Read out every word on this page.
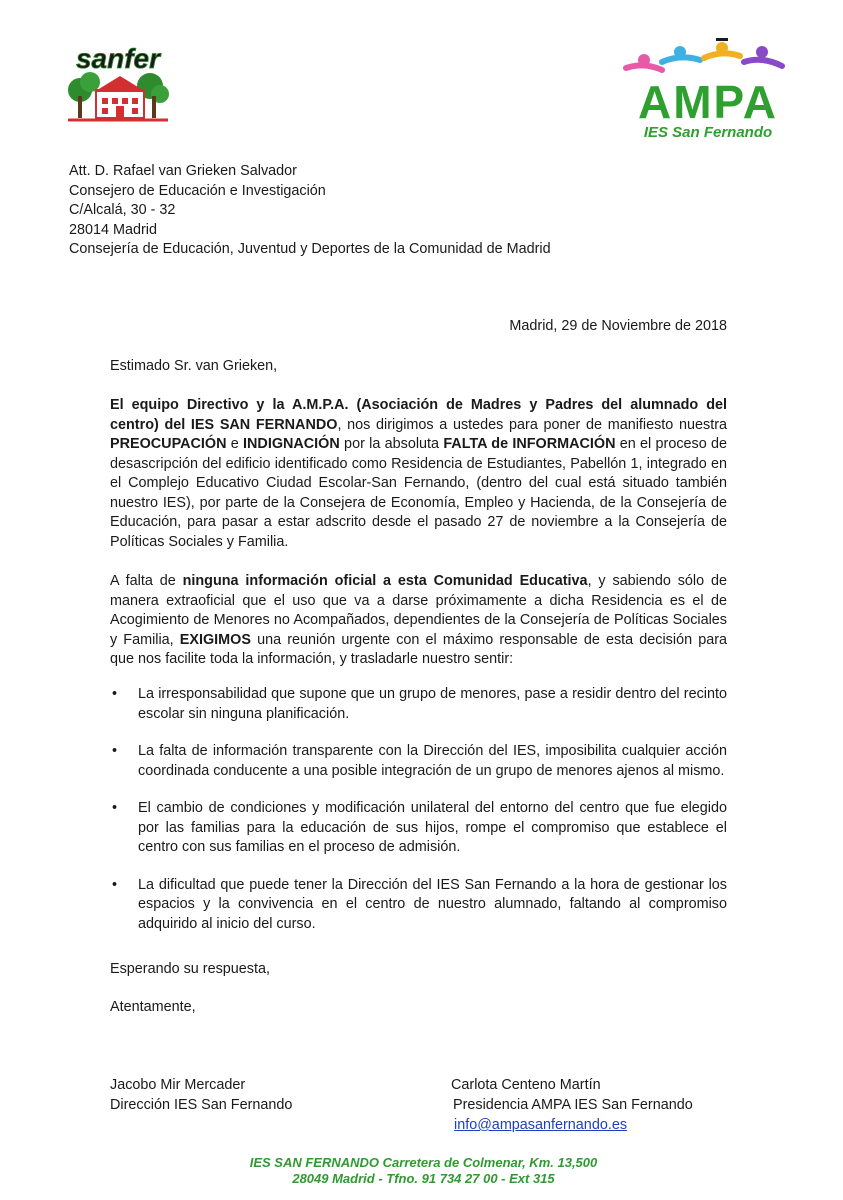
sanfer
AMPA
IES San Fernando
Att. D. Rafael van Grieken Salvador
Consejero de Educación e Investigación
C/Alcalá, 30 - 32
28014 Madrid
Consejería de Educación, Juventud y Deportes de la Comunidad de Madrid
Madrid, 29 de Noviembre de 2018
Estimado Sr. van Grieken,
El equipo Directivo y la A.M.P.A. (Asociación de Madres y Padres del alumnado del centro) del IES SAN FERNANDO, nos dirigimos a ustedes para poner de manifiesto nuestra PREOCUPACIÓN e INDIGNACIÓN por la absoluta FALTA de INFORMACIÓN en el proceso de desascripción del edificio identificado como Residencia de Estudiantes, Pabellón 1, integrado en el Complejo Educativo Ciudad Escolar-San Fernando, (dentro del cual está situado también nuestro IES), por parte de la Consejera de Economía, Empleo y Hacienda, de la Consejería de Educación, para pasar a estar adscrito desde el pasado 27 de noviembre a la Consejería de Políticas Sociales y Familia.
A falta de ninguna información oficial a esta Comunidad Educativa, y sabiendo sólo de manera extraoficial que el uso que va a darse próximamente a dicha Residencia es el de Acogimiento de Menores no Acompañados, dependientes de la Consejería de Políticas Sociales y Familia, EXIGIMOS una reunión urgente con el máximo responsable de esta decisión para que nos facilite toda la información, y trasladarle nuestro sentir:
• La irresponsabilidad que supone que un grupo de menores, pase a residir dentro del recinto escolar sin ninguna planificación.
• La falta de información transparente con la Dirección del IES, imposibilita cualquier acción coordinada conducente a una posible integración de un grupo de menores ajenos al mismo.
• El cambio de condiciones y modificación unilateral del entorno del centro que fue elegido por las familias para la educación de sus hijos, rompe el compromiso que establece el centro con sus familias en el proceso de admisión.
• La dificultad que puede tener la Dirección del IES San Fernando a la hora de gestionar los espacios y la convivencia en el centro de nuestro alumnado, faltando al compromiso adquirido al inicio del curso.
Esperando su respuesta,
Atentamente,
Jacobo Mir Mercader
Dirección IES San Fernando
Carlota Centeno Martín
Presidencia AMPA IES San Fernando
info@ampasanfernando.es
IES SAN FERNANDO Carretera de Colmenar, Km. 13,500
28049 Madrid - Tfno. 91 734 27 00 - Ext 315
